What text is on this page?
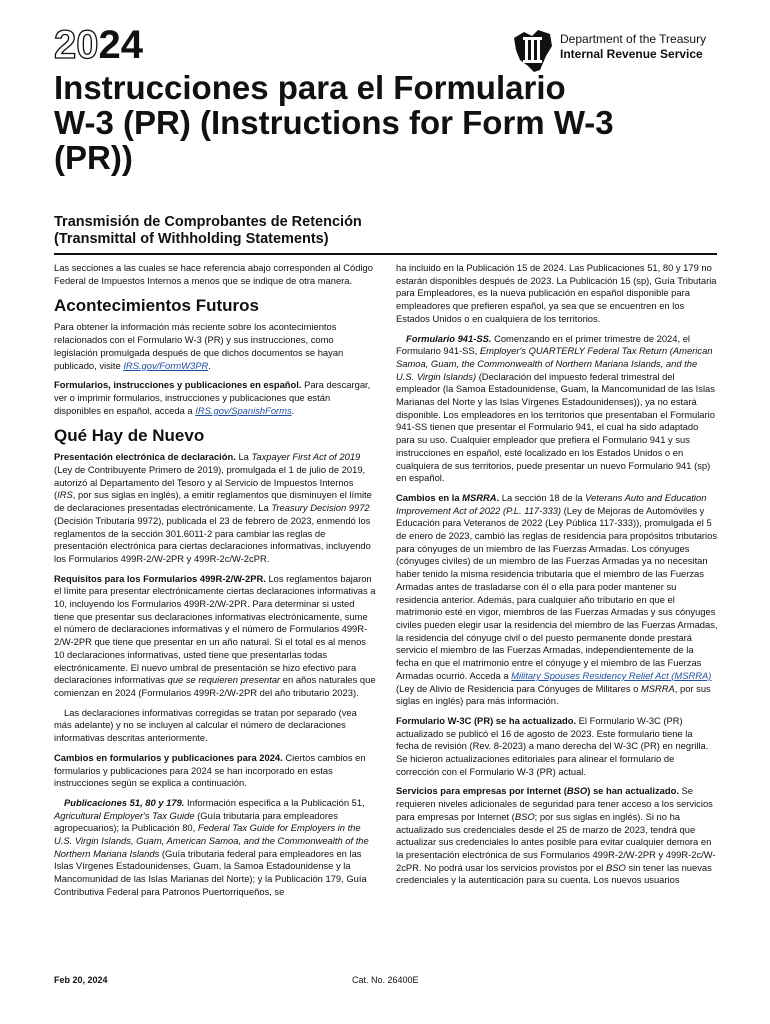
2024	Department of the Treasury
Internal Revenue Service
Instrucciones para el Formulario W-3 (PR) (Instructions for Form W-3 (PR))
Transmisión de Comprobantes de Retención
(Transmittal of Withholding Statements)

Las secciones a las cuales se hace referencia abajo corresponden al Código Federal de Impuestos Internos a menos que se indique de otra manera.

Acontecimientos Futuros

Para obtener la información más reciente sobre los acontecimientos relacionados con el Formulario W-3 (PR) y sus instrucciones, como legislación promulgada después de que dichos documentos se hayan publicado, visite IRS.gov/FormW3PR.

Formularios, instrucciones y publicaciones en español. Para descargar, ver o imprimir formularios, instrucciones y publicaciones que están disponibles en español, acceda a IRS.gov/SpanishForms.

Qué Hay de Nuevo

Presentación electrónica de declaración. La Taxpayer First Act of 2019 (Ley de Contribuyente Primero de 2019), promulgada el 1 de julio de 2019, autorizó al Departamento del Tesoro y al Servicio de Impuestos Internos (IRS, por sus siglas en inglés), a emitir reglamentos que disminuyen el límite de declaraciones presentadas electrónicamente. La Treasury Decision 9972 (Decisión Tributaria 9972), publicada el 23 de febrero de 2023, enmendó los reglamentos de la sección 301.6011-2 para cambiar las reglas de presentación electrónica para ciertas declaraciones informativas, incluyendo los Formularios 499R-2/W-2PR y 499R-2c/W-2cPR.

Requisitos para los Formularios 499R-2/W-2PR. Los reglamentos bajaron el límite para presentar electrónicamente ciertas declaraciones informativas a 10, incluyendo los Formularios 499R-2/W-2PR. Para determinar si usted tiene que presentar sus declaraciones informativas electrónicamente, sume el número de declaraciones informativas y el número de Formularios 499R-2/W-2PR que tiene que presentar en un año natural. Si el total es al menos 10 declaraciones informativas, usted tiene que presentarlas todas electrónicamente. El nuevo umbral de presentación se hizo efectivo para declaraciones informativas que se requieren presentar en años naturales que comienzan en 2024 (Formularios 499R-2/W-2PR del año tributario 2023).

Las declaraciones informativas corregidas se tratan por separado (vea más adelante) y no se incluyen al calcular el número de declaraciones informativas descritas anteriormente.

Cambios en formularios y publicaciones para 2024. Ciertos cambios en formularios y publicaciones para 2024 se han incorporado en estas instrucciones según se explica a continuación.

Publicaciones 51, 80 y 179. Información específica a la Publicación 51, Agricultural Employer's Tax Guide (Guía tributaria para empleadores agropecuarios); la Publicación 80, Federal Tax Guide for Employers in the U.S. Virgin Islands, Guam, American Samoa, and the Commonwealth of the Northern Mariana Islands (Guía tributaria federal para empleadores en las Islas Vírgenes Estadounidenses, Guam, la Samoa Estadounidense y la Mancomunidad de las Islas Marianas del Norte); y la Publicación 179, Guía Contributiva Federal para Patronos Puertorriqueños, se

ha incluido en la Publicación 15 de 2024. Las Publicaciones 51, 80 y 179 no estarán disponibles después de 2023. La Publicación 15 (sp), Guía Tributaria para Empleadores, es la nueva publicación en español disponible para empleadores que prefieren español, ya sea que se encuentren en los Estados Unidos o en cualquiera de los territorios.

Formulario 941-SS. Comenzando en el primer trimestre de 2024, el Formulario 941-SS, Employer's QUARTERLY Federal Tax Return (American Samoa, Guam, the Commonwealth of Northern Mariana Islands, and the U.S. Virgin Islands) (Declaración del impuesto federal trimestral del empleador (la Samoa Estadounidense, Guam, la Mancomunidad de las Islas Marianas del Norte y las Islas Vírgenes Estadounidenses)), ya no estará disponible. Los empleadores en los territorios que presentaban el Formulario 941-SS tienen que presentar el Formulario 941, el cual ha sido adaptado para su uso. Cualquier empleador que prefiera el Formulario 941 y sus instrucciones en español, esté localizado en los Estados Unidos o en cualquiera de sus territorios, puede presentar un nuevo Formulario 941 (sp) en español.

Cambios en la MSRRA. La sección 18 de la Veterans Auto and Education Improvement Act of 2022 (P.L. 117-333) (Ley de Mejoras de Automóviles y Educación para Veteranos de 2022 (Ley Pública 117-333)), promulgada el 5 de enero de 2023, cambió las reglas de residencia para propósitos tributarios para cónyuges de un miembro de las Fuerzas Armadas. Los cónyuges (cónyuges civiles) de un miembro de las Fuerzas Armadas ya no necesitan haber tenido la misma residencia tributaria que el miembro de las Fuerzas Armadas antes de trasladarse con él o ella para poder mantener su residencia anterior. Además, para cualquier año tributario en que el matrimonio esté en vigor, miembros de las Fuerzas Armadas y sus cónyuges civiles pueden elegir usar la residencia del miembro de las Fuerzas Armadas, la residencia del cónyuge civil o del puesto permanente donde prestará servicio el miembro de las Fuerzas Armadas, independientemente de la fecha en que el matrimonio entre el cónyuge y el miembro de las Fuerzas Armadas ocurrió. Acceda a Military Spouses Residency Relief Act (MSRRA) (Ley de Alivio de Residencia para Cónyuges de Militares o MSRRA, por sus siglas en inglés) para más información.

Formulario W-3C (PR) se ha actualizado. El Formulario W-3C (PR) actualizado se publicó el 16 de agosto de 2023. Este formulario tiene la fecha de revisión (Rev. 8-2023) a mano derecha del W-3C (PR) en negrilla. Se hicieron actualizaciones editoriales para alinear el formulario de corrección con el Formulario W-3 (PR) actual.

Servicios para empresas por Internet (BSO) se han actualizado. Se requieren niveles adicionales de seguridad para tener acceso a los servicios para empresas por Internet (BSO; por sus siglas en inglés). Si no ha actualizado sus credenciales desde el 25 de marzo de 2023, tendrá que actualizar sus credenciales lo antes posible para evitar cualquier demora en la presentación electrónica de sus Formularios 499R-2/W-2PR y 499R-2c/W-2cPR. No podrá usar los servicios provistos por el BSO sin tener las nuevas credenciales y la autenticación para su cuenta. Los nuevos usuarios

Feb 20, 2024	Cat. No. 26400E
